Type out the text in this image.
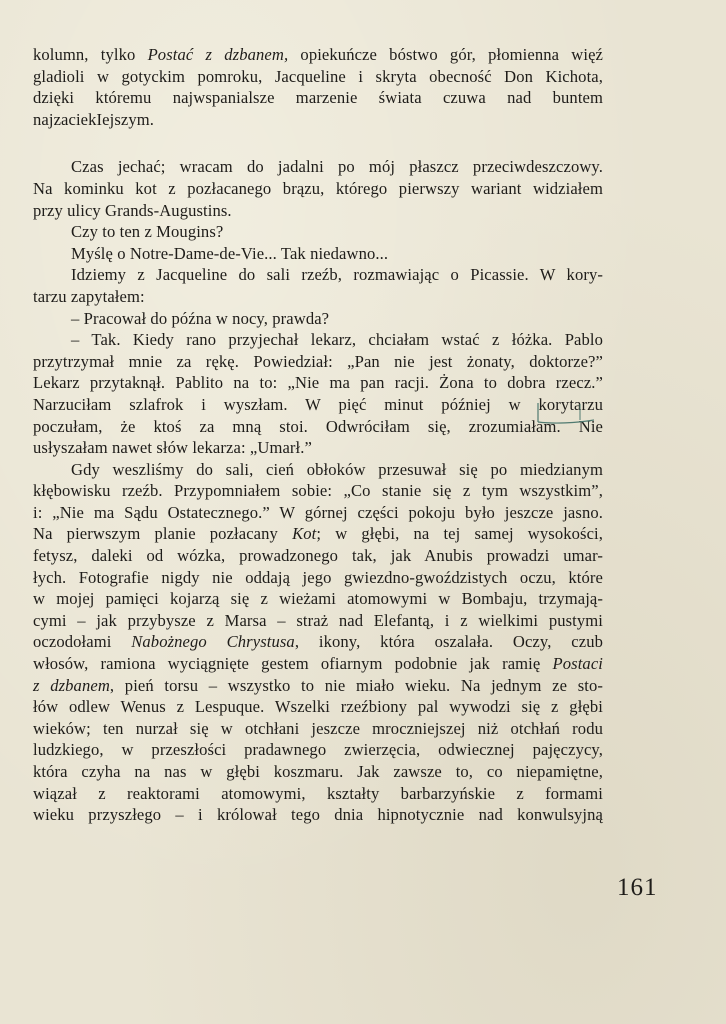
kolumn, tylko Postać z dzbanem, opiekuńcze bóstwo gór, płomienna więź
gladioli w gotyckim pomroku, Jacqueline i skryta obecność Don Kichota,
dzięki któremu najwspanialsze marzenie świata czuwa nad buntem
najzaciekIejszym.
Czas jechać; wracam do jadalni po mój płaszcz przeciwdeszczowy.
Na kominku kot z pozłacanego brązu, którego pierwszy wariant widziałem
przy ulicy Grands-Augustins.
Czy to ten z Mougins?
Myślę o Notre-Dame-de-Vie... Tak niedawno...
Idziemy z Jacqueline do sali rzeźb, rozmawiając o Picassie. W kory-
tarzu zapytałem:
– Pracował do późna w nocy, prawda?
– Tak. Kiedy rano przyjechał lekarz, chciałam wstać z łóżka. Pablo
przytrzymał mnie za rękę. Powiedział: „Pan nie jest żonaty, doktorze?”
Lekarz przytaknął. Pablito na to: „Nie ma pan racji. Żona to dobra rzecz.”
Narzuciłam szlafrok i wyszłam. W pięć minut później w korytarzu
poczułam, że ktoś za mną stoi. Odwróciłam się, zrozumiałam. Nie
usłyszałam nawet słów lekarza: „Umarł.”
Gdy weszliśmy do sali, cień obłoków przesuwał się po miedzianym
kłębowisku rzeźb. Przypomniałem sobie: „Co stanie się z tym wszystkim”,
i: „Nie ma Sądu Ostatecznego.” W górnej części pokoju było jeszcze jasno.
Na pierwszym planie pozłacany Kot; w głębi, na tej samej wysokości,
fetysz, daleki od wózka, prowadzonego tak, jak Anubis prowadzi umar-
łych. Fotografie nigdy nie oddają jego gwiezdno-gwoździstych oczu, które
w mojej pamięci kojarzą się z wieżami atomowymi w Bombaju, trzymają-
cymi – jak przybysze z Marsa – straż nad Elefantą, i z wielkimi pustymi
oczodołami Nabożnego Chrystusa, ikony, która oszalała. Oczy, czub
włosów, ramiona wyciągnięte gestem ofiarnym podobnie jak ramię Postaci
z dzbanem, pień torsu – wszystko to nie miało wieku. Na jednym ze sto-
łów odlew Wenus z Lespuque. Wszelki rzeźbiony pal wywodzi się z głębi
wieków; ten nurzał się w otchłani jeszcze mroczniejszej niż otchłań rodu
ludzkiego, w przeszłości pradawnego zwierzęcia, odwiecznej pajęczycy,
która czyha na nas w głębi koszmaru. Jak zawsze to, co niepamiętne,
wiązał z reaktorami atomowymi, kształty barbarzyńskie z formami
wieku przyszłego – i królował tego dnia hipnotycznie nad konwulsyjną
161
